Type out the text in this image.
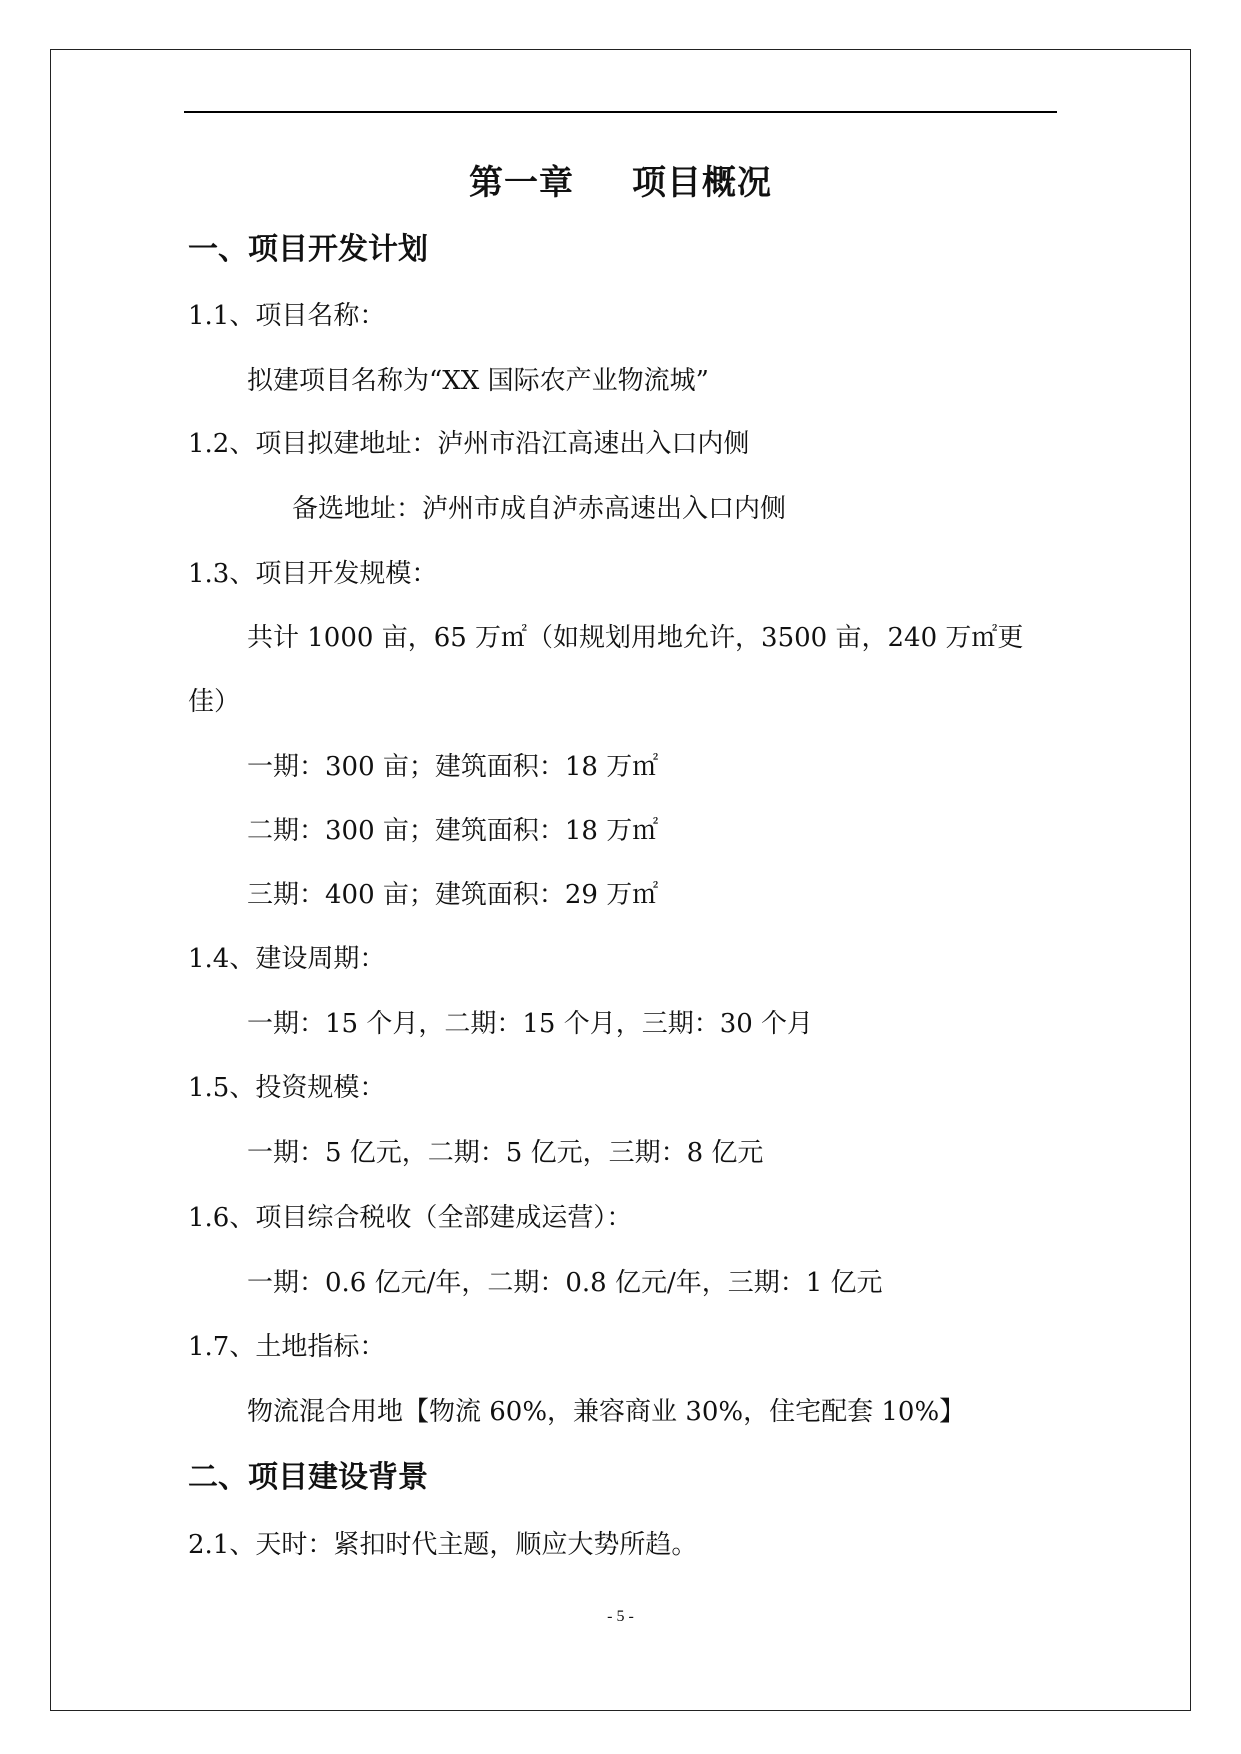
第一章 项目概况
一、项目开发计划
1.1、项目名称：
拟建项目名称为“XX 国际农产业物流城”
1.2、项目拟建地址：泸州市沿江高速出入口内侧
备选地址：泸州市成自泸赤高速出入口内侧
1.3、项目开发规模：
共计 1000 亩，65 万㎡（如规划用地允许，3500 亩，240 万㎡更
佳）
一期：300 亩；建筑面积：18 万㎡
二期：300 亩；建筑面积：18 万㎡
三期：400 亩；建筑面积：29 万㎡
1.4、建设周期：
一期：15 个月，二期：15 个月，三期：30 个月
1.5、投资规模：
一期：5 亿元，二期：5 亿元，三期：8 亿元
1.6、项目综合税收（全部建成运营）：
一期：0.6 亿元/年，二期：0.8 亿元/年，三期：1 亿元
1.7、土地指标：
物流混合用地【物流 60%，兼容商业 30%，住宅配套 10%】
二、项目建设背景
2.1、天时：紧扣时代主题，顺应大势所趋。
- 5 -
